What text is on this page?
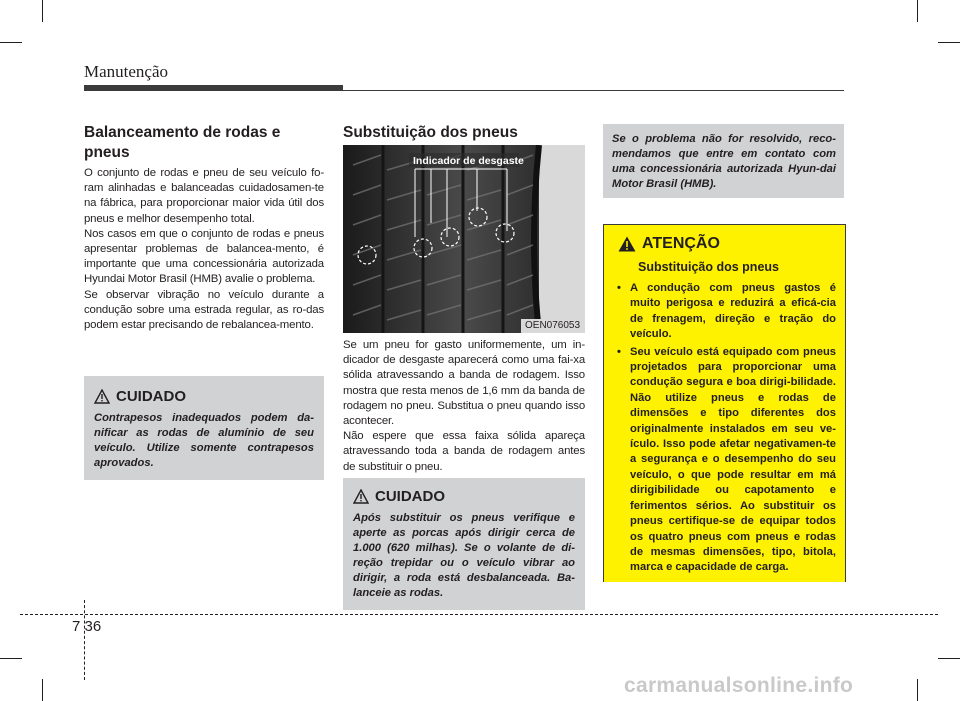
Manutenção
Balanceamento de rodas e pneus

O conjunto de rodas e pneu de seu veículo fo-ram alinhadas e balanceadas cuidadosamen-te na fábrica, para proporcionar maior vida útil dos pneus e melhor desempenho total.

Nos casos em que o conjunto de rodas e pneus apresentar problemas de balancea-mento, é importante que uma concessionária autorizada Hyundai Motor Brasil (HMB) avalie o problema.

Se observar vibração no veículo durante a condução sobre uma estrada regular, as ro-das podem estar precisando de rebalancea-mento.

CUIDADO
Contrapesos inadequados podem da-nificar as rodas de alumínio de seu veículo. Utilize somente contrapesos aprovados.
Substituição dos pneus
Indicador de desgaste
OEN076053

Se um pneu for gasto uniformemente, um in-dicador de desgaste aparecerá como uma fai-xa sólida atravessando a banda de rodagem. Isso mostra que resta menos de 1,6 mm da banda de rodagem no pneu. Substitua o pneu quando isso acontecer.

Não espere que essa faixa sólida apareça atravessando toda a banda de rodagem antes de substituir o pneu.

CUIDADO
Após substituir os pneus verifique e aperte as porcas após dirigir cerca de 1.000 (620 milhas). Se o volante de di-reção trepidar ou o veículo vibrar ao dirigir, a roda está desbalanceada. Ba-lanceie as rodas.
Se o problema não for resolvido, reco-mendamos que entre em contato com uma concessionária autorizada Hyun-dai Motor Brasil (HMB).
ATENÇÃO
Substituição dos pneus
• A condução com pneus gastos é muito perigosa e reduzirá a eficá-cia de frenagem, direção e tração do veículo.
• Seu veículo está equipado com pneus projetados para proporcionar uma condução segura e boa dirigi-bilidade. Não utilize pneus e rodas de dimensões e tipo diferentes dos originalmente instalados em seu ve-ículo. Isso pode afetar negativamen-te a segurança e o desempenho do seu veículo, o que pode resultar em má dirigibilidade ou capotamento e ferimentos sérios. Ao substituir os pneus certifique-se de equipar todos os quatro pneus com pneus e rodas de mesmas dimensões, tipo, bitola, marca e capacidade de carga.
7 36
carmanualsonline.info
